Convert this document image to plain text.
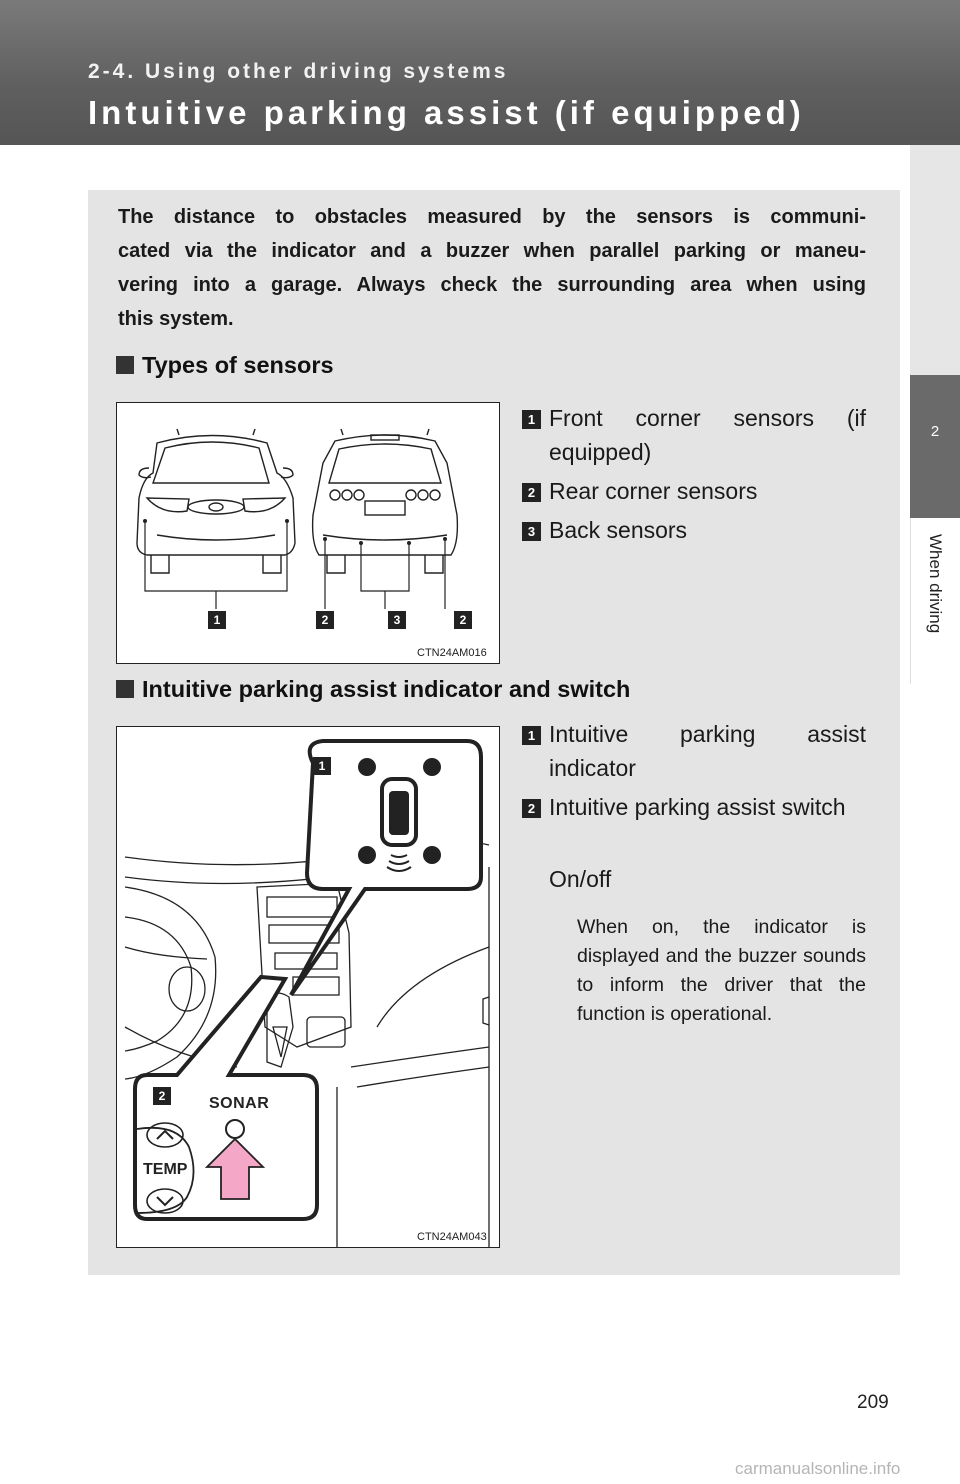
2-4. Using other driving systems
Intuitive parking assist (if equipped)
2
When driving
The distance to obstacles measured by the sensors is communi-
cated via the indicator and a buzzer when parallel parking or maneu-
vering into a garage. Always check the surrounding area when using
this system.
Types of sensors
CTN24AM016
1	2	3	2
1 Front corner sensors (if equipped)
2 Rear corner sensors
3 Back sensors
Intuitive parking assist indicator and switch
1
2	SONAR
TEMP
CTN24AM043
1 Intuitive parking assist indicator
2 Intuitive parking assist switch
On/off
When on, the indicator is displayed and the buzzer sounds to inform the driver that the function is operational.
209
carmanualsonline.info
